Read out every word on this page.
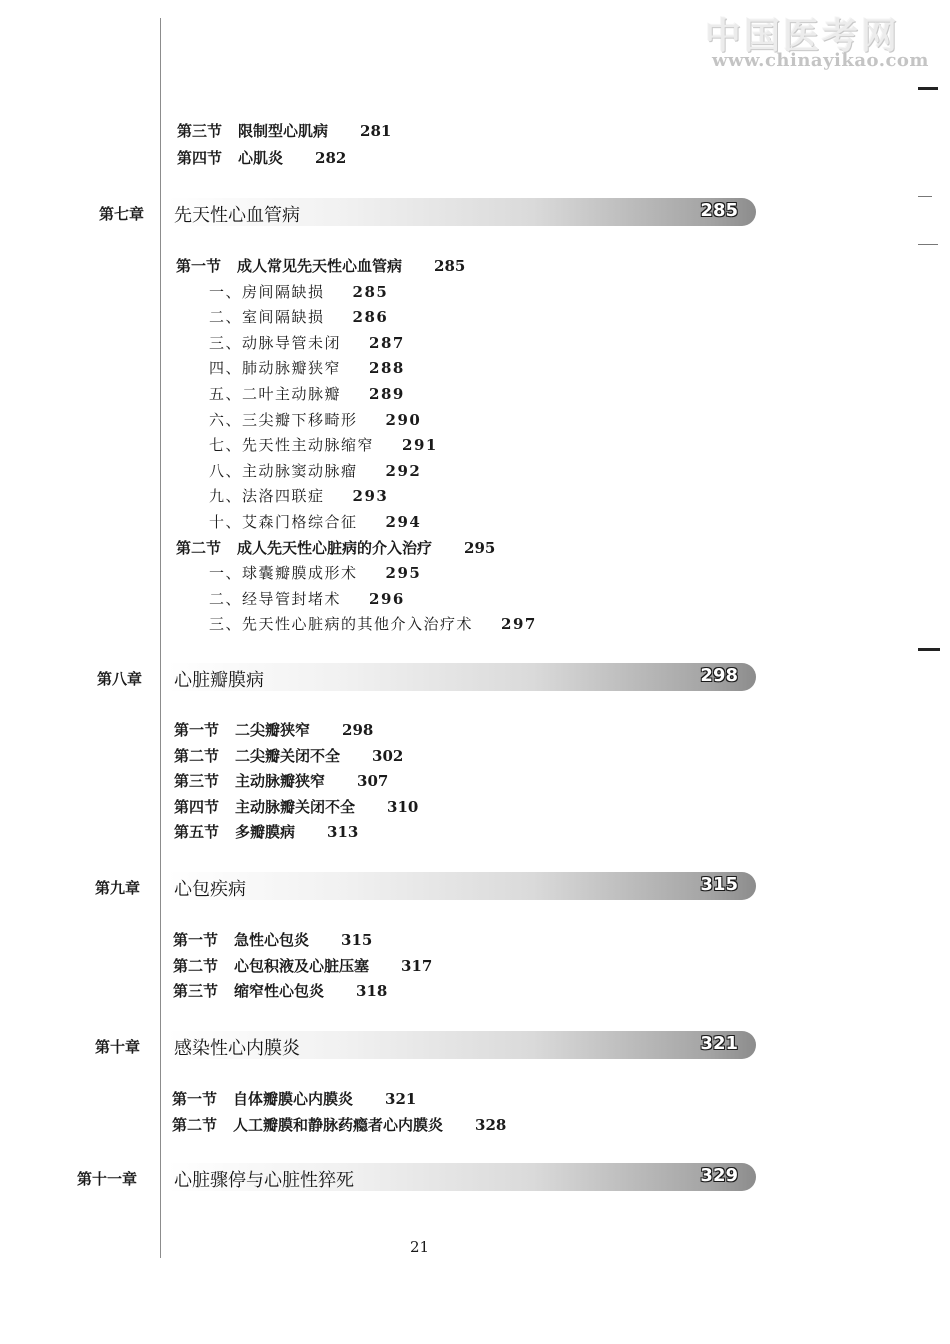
中国医考网
www.chinayikao.com
第三节 限制型心肌病 281
第四节 心肌炎 282
第七章 先天性心血管病	285
第一节 成人常见先天性心血管病 285
一、房间隔缺损 285
二、室间隔缺损 286
三、动脉导管未闭 287
四、肺动脉瓣狭窄 288
五、二叶主动脉瓣 289
六、三尖瓣下移畸形 290
七、先天性主动脉缩窄 291
八、主动脉窦动脉瘤 292
九、法洛四联症 293
十、艾森门格综合征 294
第二节 成人先天性心脏病的介入治疗 295
一、球囊瓣膜成形术 295
二、经导管封堵术 296
三、先天性心脏病的其他介入治疗术 297
第八章 心脏瓣膜病	298
第一节 二尖瓣狭窄 298
第二节 二尖瓣关闭不全 302
第三节 主动脉瓣狭窄 307
第四节 主动脉瓣关闭不全 310
第五节 多瓣膜病 313
第九章 心包疾病	315
第一节 急性心包炎 315
第二节 心包积液及心脏压塞 317
第三节 缩窄性心包炎 318
第十章 感染性心内膜炎	321
第一节 自体瓣膜心内膜炎 321
第二节 人工瓣膜和静脉药瘾者心内膜炎 328
第十一章 心脏骤停与心脏性猝死	329
21
